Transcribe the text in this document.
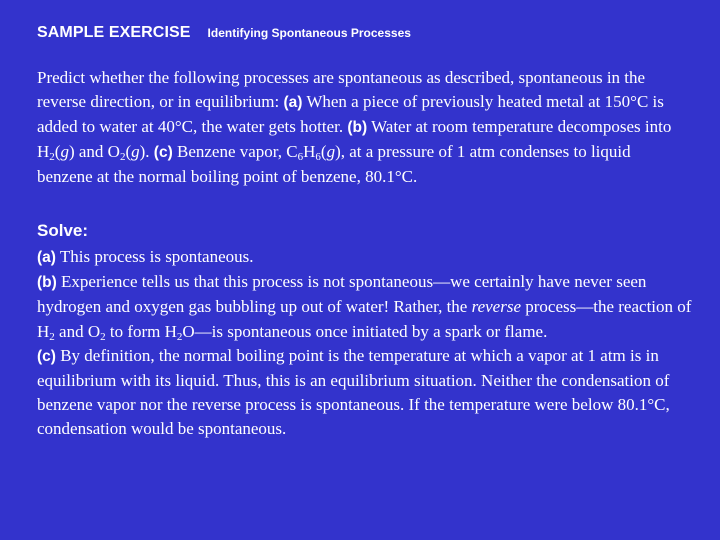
SAMPLE EXERCISE Identifying Spontaneous Processes

Predict whether the following processes are spontaneous as described, spontaneous in the reverse direction, or in equilibrium: (a) When a piece of previously heated metal at 150°C is added to water at 40°C, the water gets hotter. (b) Water at room temperature decomposes into $H_2(g)$ and $O_2(g)$. (c) Benzene vapor, $C_6H_6(g)$, at a pressure of 1 atm condenses to liquid benzene at the normal boiling point of benzene, 80.1°C.

Solve:

(a) This process is spontaneous.

(b) Experience tells us that this process is not spontaneous—we certainly have never seen hydrogen and oxygen gas bubbling up out of water! Rather, the reverse process—the reaction of $H_2$ and $O_2$ to form $H_2O—is$ spontaneous once initiated by a spark or flame.

(c) By definition, the normal boiling point is the temperature at which a vapor at 1 atm is in equilibrium with its liquid. Thus, this is an equilibrium situation. Neither the condensation of benzene vapor nor the reverse process is spontaneous. If the temperature were below 80.1°C, condensation would be spontaneous.
